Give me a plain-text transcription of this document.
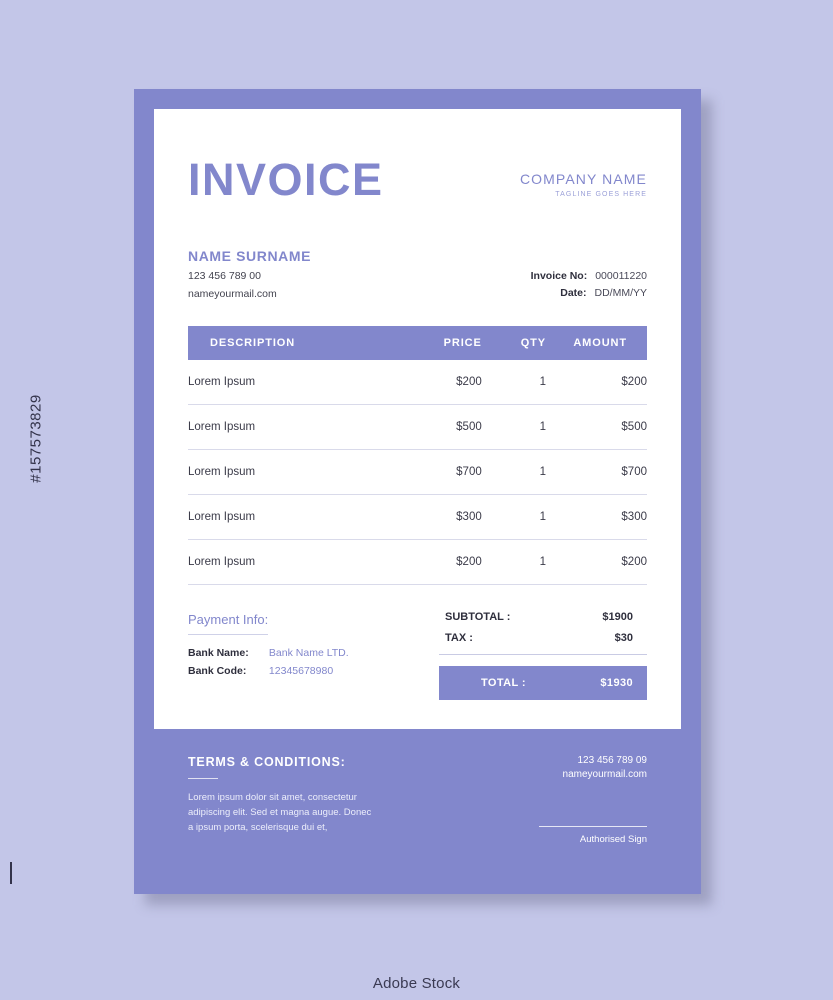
#157573829
Adobe Stock
INVOICE	COMPANY NAME
TAGLINE GOES HERE
NAME SURNAME
123 456 789 00
nameyourmail.com
Invoice No: 000011220
Date: DD/MM/YY
DESCRIPTION	PRICE	QTY	AMOUNT
Lorem Ipsum	$200	1	$200
Lorem Ipsum	$500	1	$500
Lorem Ipsum	$700	1	$700
Lorem Ipsum	$300	1	$300
Lorem Ipsum	$200	1	$200
Payment Info:
Bank Name: Bank Name LTD.
Bank Code: 12345678980
SUBTOTAL :	$1900
TAX :	$30
TOTAL :	$1930
TERMS & CONDITIONS:
Lorem ipsum dolor sit amet, consectetur adipiscing elit. Sed et magna augue. Donec a ipsum porta, scelerisque dui et,
123 456 789 09
nameyourmail.com
Authorised Sign
